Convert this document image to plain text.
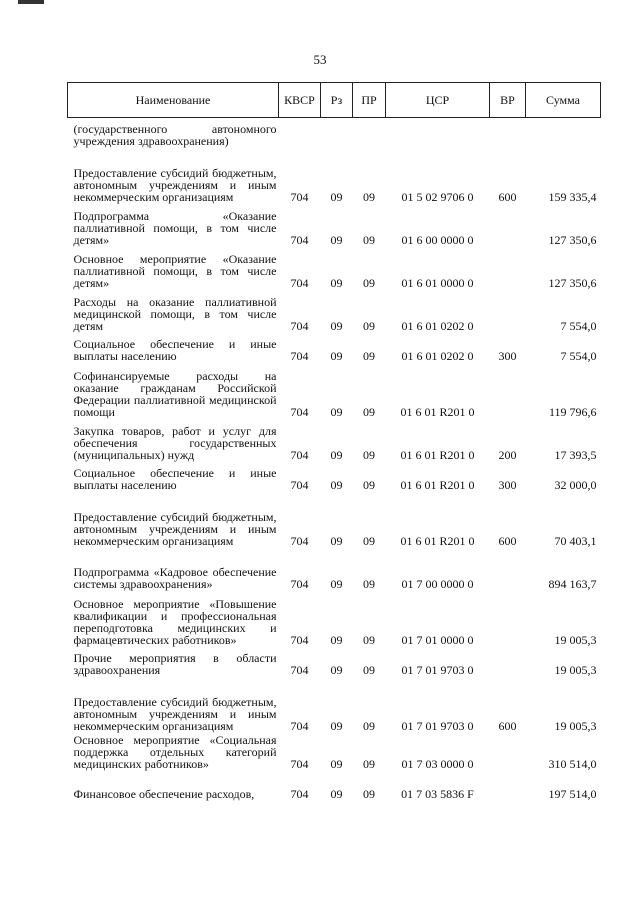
53
Наименование	КВСР	Рз	ПР	ЦСР	ВР	Сумма
(государственного автономного учреждения здравоохранения)						
Предоставление субсидий бюджетным, автономным учреждениям и иным некоммерческим организациям	704	09	09	01 5 02 9706 0	600	159 335,4
Подпрограмма «Оказание паллиативной помощи, в том числе детям»	704	09	09	01 6 00 0000 0		127 350,6
Основное мероприятие «Оказание паллиативной помощи, в том числе детям»	704	09	09	01 6 01 0000 0		127 350,6
Расходы на оказание паллиативной медицинской помощи, в том числе детям	704	09	09	01 6 01 0202 0		7 554,0
Социальное обеспечение и иные выплаты населению	704	09	09	01 6 01 0202 0	300	7 554,0
Софинансируемые расходы на оказание гражданам Российской Федерации паллиативной медицинской помощи	704	09	09	01 6 01 R201 0		119 796,6
Закупка товаров, работ и услуг для обеспечения государственных (муниципальных) нужд	704	09	09	01 6 01 R201 0	200	17 393,5
Социальное обеспечение и иные выплаты населению	704	09	09	01 6 01 R201 0	300	32 000,0
Предоставление субсидий бюджетным, автономным учреждениям и иным некоммерческим организациям	704	09	09	01 6 01 R201 0	600	70 403,1
Подпрограмма «Кадровое обеспечение системы здравоохранения»	704	09	09	01 7 00 0000 0		894 163,7
Основное мероприятие «Повышение квалификации и профессиональная переподготовка медицинских и фармацевтических работников»	704	09	09	01 7 01 0000 0		19 005,3
Прочие мероприятия в области здравоохранения	704	09	09	01 7 01 9703 0		19 005,3
Предоставление субсидий бюджетным, автономным учреждениям и иным некоммерческим организациям	704	09	09	01 7 01 9703 0	600	19 005,3
Основное мероприятие «Социальная поддержка отдельных категорий медицинских работников»	704	09	09	01 7 03 0000 0		310 514,0
Финансовое обеспечение расходов,	704	09	09	01 7 03 5836 F		197 514,0
